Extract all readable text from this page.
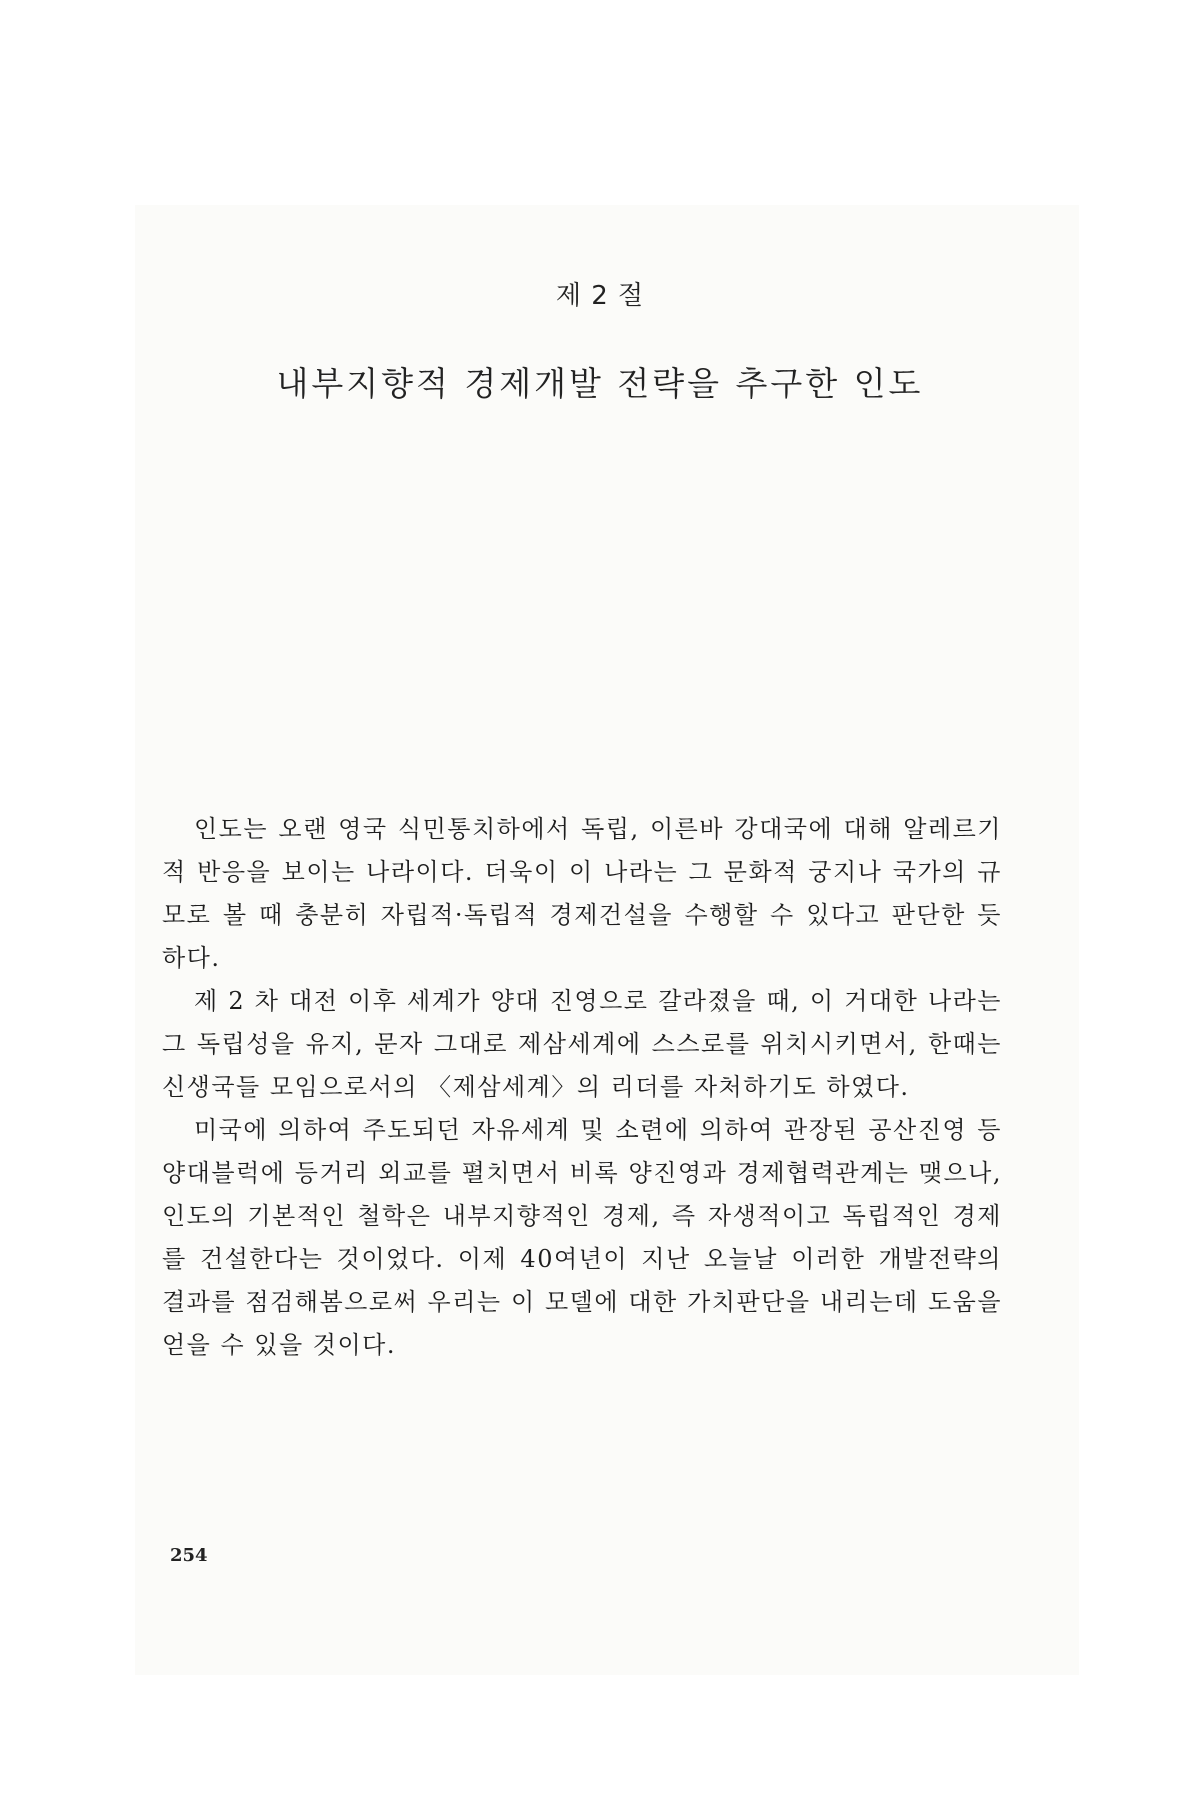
제 2 절
내부지향적 경제개발 전략을 추구한 인도

인도는 오랜 영국 식민통치하에서 독립, 이른바 강대국에 대해 알레르기적 반응을 보이는 나라이다. 더욱이 이 나라는 그 문화적 궁지나 국가의 규모로 볼 때 충분히 자립적·독립적 경제건설을 수행할 수 있다고 판단한 듯하다.

제 2 차 대전 이후 세계가 양대 진영으로 갈라졌을 때, 이 거대한 나라는 그 독립성을 유지, 문자 그대로 제삼세계에 스스로를 위치시키면서, 한때는 신생국들 모임으로서의 〈제삼세계〉의 리더를 자처하기도 하였다.

미국에 의하여 주도되던 자유세계 및 소련에 의하여 관장된 공산진영 등 양대블럭에 등거리 외교를 펼치면서 비록 양진영과 경제협력관계는 맺으나, 인도의 기본적인 철학은 내부지향적인 경제, 즉 자생적이고 독립적인 경제를 건설한다는 것이었다. 이제 40여년이 지난 오늘날 이러한 개발전략의 결과를 점검해봄으로써 우리는 이 모델에 대한 가치판단을 내리는데 도움을 얻을 수 있을 것이다.

254
